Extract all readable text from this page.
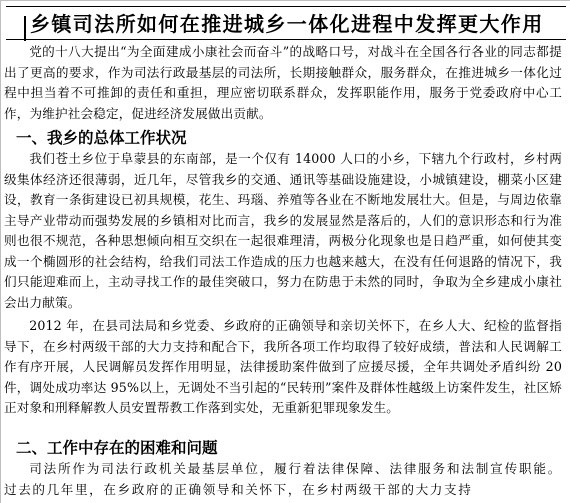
乡镇司法所如何在推进城乡一体化进程中发挥更大作用

党的十八大提出“为全面建成小康社会而奋斗”的战略口号，对战斗在全国各行各业的同志都提出了更高的要求，作为司法行政最基层的司法所，长期接触群众，服务群众，在推进城乡一体化过程中担当着不可推卸的责任和重担，理应密切联系群众，发挥职能作用，服务于党委政府中心工作，为维护社会稳定，促进经济发展做出贡献。

一、我乡的总体工作状况

我们苍土乡位于阜蒙县的东南部，是一个仅有 14000 人口的小乡，下辖九个行政村，乡村两级集体经济还很薄弱，近几年，尽管我乡的交通、通讯等基础设施建设，小城镇建设，棚菜小区建设，教育一条街建设已初具规模，花生、玛瑙、养殖等各业在不断地发展壮大。但是，与周边依靠主导产业带动而强势发展的乡镇相对比而言，我乡的发展显然是落后的，人们的意识形态和行为准则也很不规范，各种思想倾向相互交织在一起很难理清，两极分化现象也是日趋严重，如何使其变成一个椭圆形的社会结构，给我们司法工作造成的压力也越来越大，在没有任何退路的情况下，我们只能迎难而上，主动寻找工作的最佳突破口，努力在防患于未然的同时，争取为全乡建成小康社会出力献策。

2012 年，在县司法局和乡党委、乡政府的正确领导和亲切关怀下，在乡人大、纪检的监督指导下，在乡村两级干部的大力支持和配合下，我所各项工作均取得了较好成绩，普法和人民调解工作有序开展，人民调解员发挥作用明显，法律援助案件做到了应援尽援，全年共调处矛盾纠纷 20 件，调处成功率达 95%以上，无调处不当引起的“民转刑”案件及群体性越级上访案件发生，社区矫正对象和刑释解教人员安置帮教工作落到实处，无重新犯罪现象发生。

二、工作中存在的困难和问题

司法所作为司法行政机关最基层单位，履行着法律保障、法律服务和法制宣传职能。过去的几年里，在乡政府的正确领导和关怀下，在乡村两级干部的大力支持
